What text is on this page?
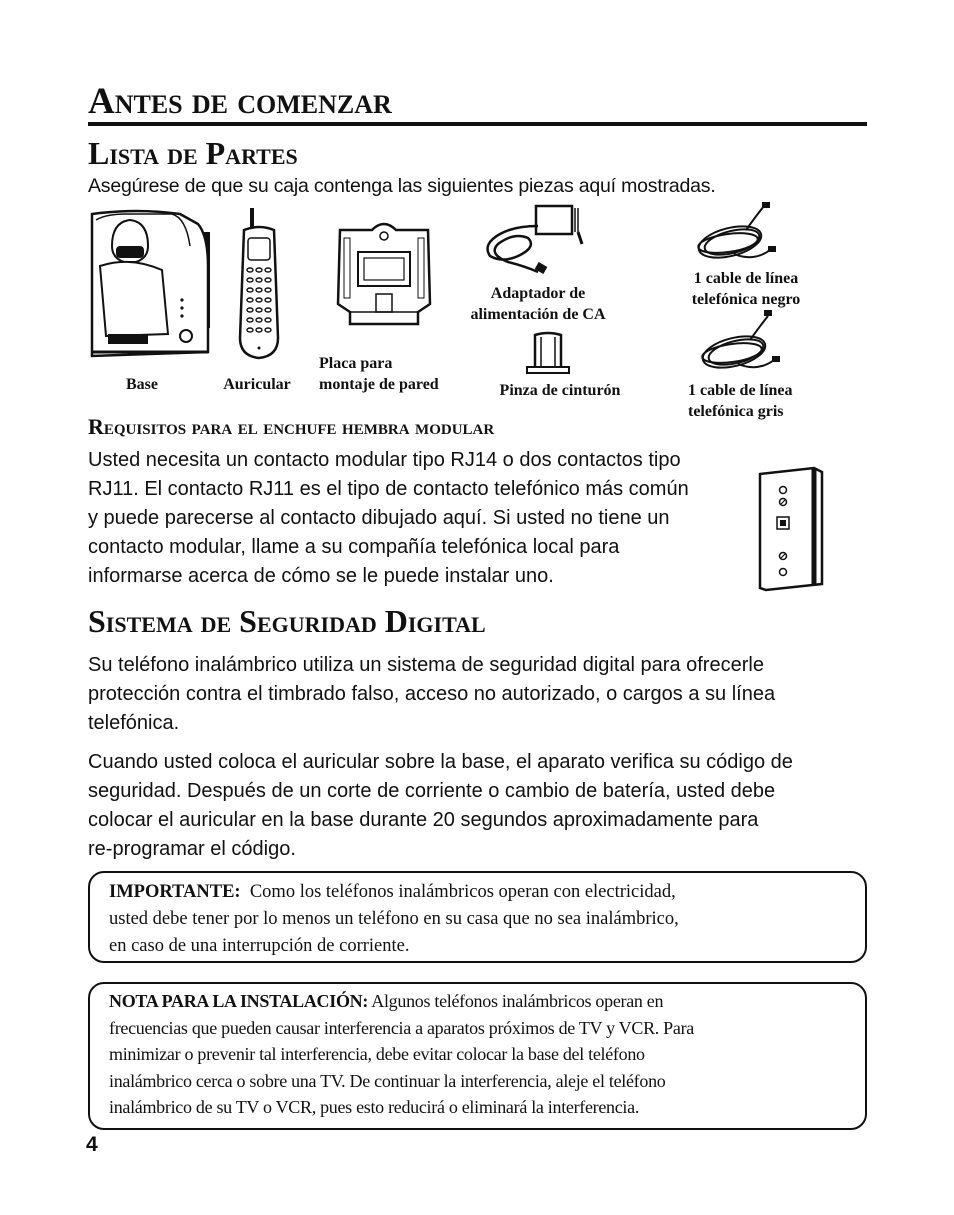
Antes de comenzar
Lista de Partes
Asegúrese de que su caja contenga las siguientes piezas aquí mostradas.
Base	Auricular
Placa para
montaje de pared
Adaptador de
alimentación de CA
Pinza de cinturón
1 cable de línea
telefónica negro
1 cable de línea
telefónica gris
Requisitos para el enchufe hembra modular

Usted necesita un contacto modular tipo RJ14 o dos contactos tipo

RJ11. El contacto RJ11 es el tipo de contacto telefónico más común

y puede parecerse al contacto dibujado aquí. Si usted no tiene un

contacto modular, llame a su compañía telefónica local para

informarse acerca de cómo se le puede instalar uno.

Sistema de Seguridad Digital

Su teléfono inalámbrico utiliza un sistema de seguridad digital para ofrecerle

protección contra el timbrado falso, acceso no autorizado, o cargos a su línea

telefónica.

Cuando usted coloca el auricular sobre la base, el aparato verifica su código de

seguridad. Después de un corte de corriente o cambio de batería, usted debe

colocar el auricular en la base durante 20 segundos aproximadamente para

re-programar el código.

IMPORTANTE: Como los teléfonos inalámbricos operan con electricidad,

usted debe tener por lo menos un teléfono en su casa que no sea inalámbrico,

en caso de una interrupción de corriente.

NOTA PARA LA INSTALACIÓN: Algunos teléfonos inalámbricos operan en

frecuencias que pueden causar interferencia a aparatos próximos de TV y VCR. Para

minimizar o prevenir tal interferencia, debe evitar colocar la base del teléfono

inalámbrico cerca o sobre una TV. De continuar la interferencia, aleje el teléfono

inalámbrico de su TV o VCR, pues esto reducirá o eliminará la interferencia.

4
